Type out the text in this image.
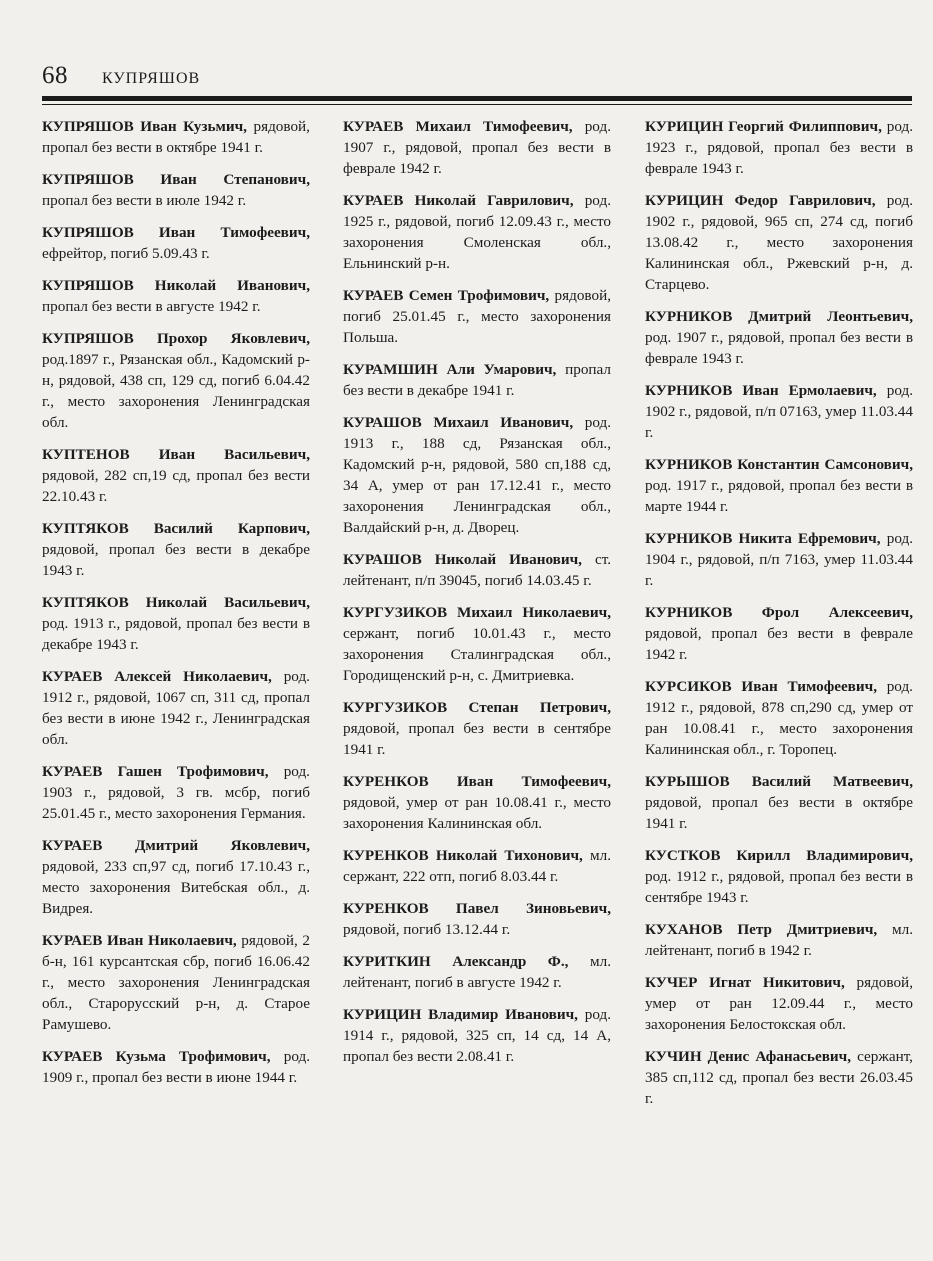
68 КУПРЯШОВ

КУПРЯШОВ Иван Кузьмич, рядовой, пропал без вести в октябре 1941 г.

КУПРЯШОВ Иван Степанович, пропал без вести в июле 1942 г.

КУПРЯШОВ Иван Тимофеевич, ефрейтор, погиб 5.09.43 г.

КУПРЯШОВ Николай Иванович, пропал без вести в августе 1942 г.

КУПРЯШОВ Прохор Яковлевич, род.1897 г., Рязанская обл., Кадомский р-н, рядовой, 438 сп, 129 сд, погиб 6.04.42 г., место захоронения Ленинградская обл.

КУПТЕНОВ Иван Васильевич, рядовой, 282 сп,19 сд, пропал без вести 22.10.43 г.

КУПТЯКОВ Василий Карпович, рядовой, пропал без вести в декабре 1943 г.

КУПТЯКОВ Николай Васильевич, род. 1913 г., рядовой, пропал без вести в декабре 1943 г.

КУРАЕВ Алексей Николаевич, род. 1912 г., рядовой, 1067 сп, 311 сд, пропал без вести в июне 1942 г., Ленинградская обл.

КУРАЕВ Гашен Трофимович, род. 1903 г., рядовой, 3 гв. мсбр, погиб 25.01.45 г., место захоронения Германия.

КУРАЕВ Дмитрий Яковлевич, рядовой, 233 сп,97 сд, погиб 17.10.43 г., место захоронения Витебская обл., д. Видрея.

КУРАЕВ Иван Николаевич, рядовой, 2 б-н, 161 курсантская сбр, погиб 16.06.42 г., место захоронения Ленинградская обл., Старорусский р-н, д. Старое Рамушево.

КУРАЕВ Кузьма Трофимович, род. 1909 г., пропал без вести в июне 1944 г.

КУРАЕВ Михаил Тимофеевич, род. 1907 г., рядовой, пропал без вести в феврале 1942 г.

КУРАЕВ Николай Гаврилович, род. 1925 г., рядовой, погиб 12.09.43 г., место захоронения Смоленская обл., Ельнинский р-н.

КУРАЕВ Семен Трофимович, рядовой, погиб 25.01.45 г., место захоронения Польша.

КУРАМШИН Али Умарович, пропал без вести в декабре 1941 г.

КУРАШОВ Михаил Иванович, род. 1913 г., 188 сд, Рязанская обл., Кадомский р-н, рядовой, 580 сп,188 сд, 34 А, умер от ран 17.12.41 г., место захоронения Ленинградская обл., Валдайский р-н, д. Дворец.

КУРАШОВ Николай Иванович, ст. лейтенант, п/п 39045, погиб 14.03.45 г.

КУРГУЗИКОВ Михаил Николаевич, сержант, погиб 10.01.43 г., место захоронения Сталинградская обл., Городищенский р-н, с. Дмитриевка.

КУРГУЗИКОВ Степан Петрович, рядовой, пропал без вести в сентябре 1941 г.

КУРЕНКОВ Иван Тимофеевич, рядовой, умер от ран 10.08.41 г., место захоронения Калининская обл.

КУРЕНКОВ Николай Тихонович, мл. сержант, 222 отп, погиб 8.03.44 г.

КУРЕНКОВ Павел Зиновьевич, рядовой, погиб 13.12.44 г.

КУРИТКИН Александр Ф., мл. лейтенант, погиб в августе 1942 г.

КУРИЦИН Владимир Иванович, род. 1914 г., рядовой, 325 сп, 14 сд, 14 А, пропал без вести 2.08.41 г.

КУРИЦИН Георгий Филиппович, род. 1923 г., рядовой, пропал без вести в феврале 1943 г.

КУРИЦИН Федор Гаврилович, род. 1902 г., рядовой, 965 сп, 274 сд, погиб 13.08.42 г., место захоронения Калининская обл., Ржевский р-н, д. Старцево.

КУРНИКОВ Дмитрий Леонтьевич, род. 1907 г., рядовой, пропал без вести в феврале 1943 г.

КУРНИКОВ Иван Ермолаевич, род. 1902 г., рядовой, п/п 07163, умер 11.03.44 г.

КУРНИКОВ Константин Самсонович, род. 1917 г., рядовой, пропал без вести в марте 1944 г.

КУРНИКОВ Никита Ефремович, род. 1904 г., рядовой, п/п 7163, умер 11.03.44 г.

КУРНИКОВ Фрол Алексеевич, рядовой, пропал без вести в феврале 1942 г.

КУРСИКОВ Иван Тимофеевич, род. 1912 г., рядовой, 878 сп,290 сд, умер от ран 10.08.41 г., место захоронения Калининская обл., г. Торопец.

КУРЫШОВ Василий Матвеевич, рядовой, пропал без вести в октябре 1941 г.

КУСТКОВ Кирилл Владимирович, род. 1912 г., рядовой, пропал без вести в сентябре 1943 г.

КУХАНОВ Петр Дмитриевич, мл. лейтенант, погиб в 1942 г.

КУЧЕР Игнат Никитович, рядовой, умер от ран 12.09.44 г., место захоронения Белостокская обл.

КУЧИН Денис Афанасьевич, сержант, 385 сп,112 сд, пропал без вести 26.03.45 г.
